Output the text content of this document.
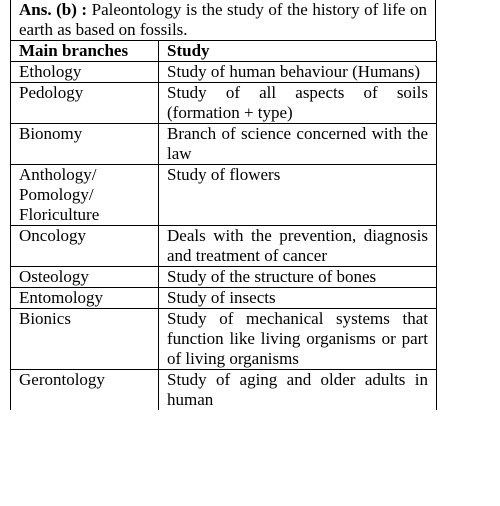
Ans. (b) : Paleontology is the study of the history of life on earth as based on fossils.
Main branches	Study
Ethology	Study of human behaviour (Humans)
Pedology	Study of all aspects of soils (formation + type)
Bionomy	Branch of science concerned with the law
Anthology/ Pomology/ Floriculture	Study of flowers
Oncology	Deals with the prevention, diagnosis and treatment of cancer
Osteology	Study of the structure of bones
Entomology	Study of insects
Bionics	Study of mechanical systems that function like living organisms or part of living organisms
Gerontology	Study of aging and older adults in human
